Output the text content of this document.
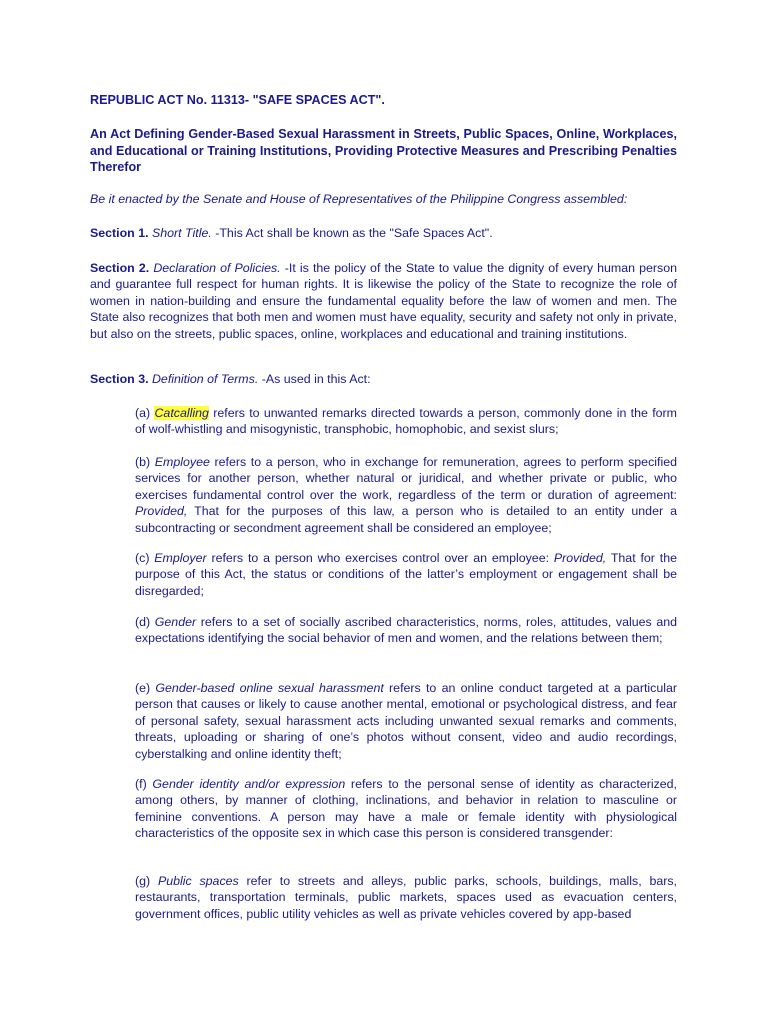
REPUBLIC ACT No. 11313- "SAFE SPACES ACT".

An Act Defining Gender-Based Sexual Harassment in Streets, Public Spaces, Online, Workplaces, and Educational or Training Institutions, Providing Protective Measures and Prescribing Penalties Therefor

Be it enacted by the Senate and House of Representatives of the Philippine Congress assembled:

Section 1. Short Title. -This Act shall be known as the "Safe Spaces Act".

Section 2. Declaration of Policies. -It is the policy of the State to value the dignity of every human person and guarantee full respect for human rights. It is likewise the policy of the State to recognize the role of women in nation-building and ensure the fundamental equality before the law of women and men. The State also recognizes that both men and women must have equality, security and safety not only in private, but also on the streets, public spaces, online, workplaces and educational and training institutions.

Section 3. Definition of Terms. -As used in this Act:

(a) Catcalling refers to unwanted remarks directed towards a person, commonly done in the form of wolf-whistling and misogynistic, transphobic, homophobic, and sexist slurs;

(b) Employee refers to a person, who in exchange for remuneration, agrees to perform specified services for another person, whether natural or juridical, and whether private or public, who exercises fundamental control over the work, regardless of the term or duration of agreement: Provided, That for the purposes of this law, a person who is detailed to an entity under a subcontracting or secondment agreement shall be considered an employee;

(c) Employer refers to a person who exercises control over an employee: Provided, That for the purpose of this Act, the status or conditions of the latter’s employment or engagement shall be disregarded;

(d) Gender refers to a set of socially ascribed characteristics, norms, roles, attitudes, values and expectations identifying the social behavior of men and women, and the relations between them;

(e) Gender-based online sexual harassment refers to an online conduct targeted at a particular person that causes or likely to cause another mental, emotional or psychological distress, and fear of personal safety, sexual harassment acts including unwanted sexual remarks and comments, threats, uploading or sharing of one’s photos without consent, video and audio recordings, cyberstalking and online identity theft;

(f) Gender identity and/or expression refers to the personal sense of identity as characterized, among others, by manner of clothing, inclinations, and behavior in relation to masculine or feminine conventions. A person may have a male or female identity with physiological characteristics of the opposite sex in which case this person is considered transgender:

(g) Public spaces refer to streets and alleys, public parks, schools, buildings, malls, bars, restaurants, transportation terminals, public markets, spaces used as evacuation centers, government offices, public utility vehicles as well as private vehicles covered by app-based
